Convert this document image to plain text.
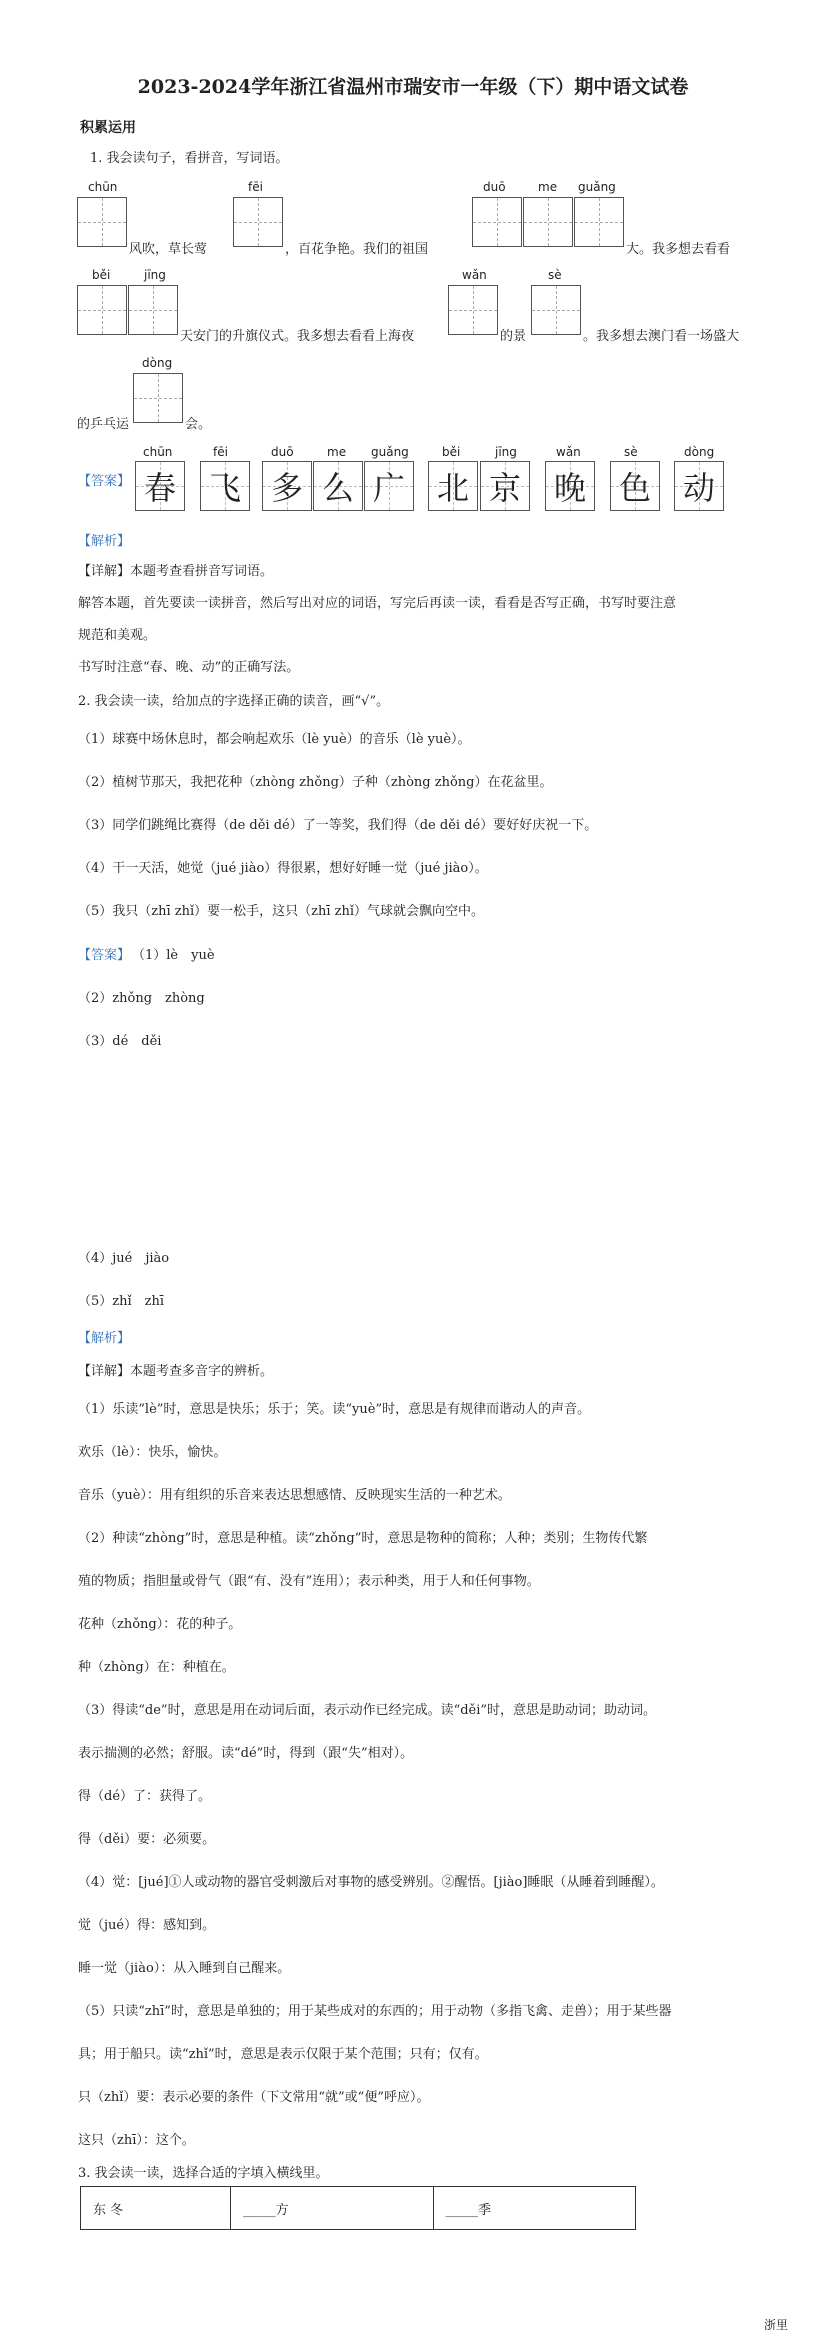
2023-2024学年浙江省温州市瑞安市一年级（下）期中语文试卷
积累运用
1. 我会读句子，看拼音，写词语。
chūn
风吹，草长莺
fēi
，百花争艳。我们的祖国
duō	me guǎng
大。我多想去看看
běi	jīng
天安门的升旗仪式。我多想去看看上海夜
wǎn
的景
sè
。我多想去澳门看一场盛大
dòng
的乒乓运	会。
【答案】
chūn
春
fēi
飞
duō
多
me
么
guǎng
广
běi
北
jīng
京
wǎn
晚
sè
色
dòng
动
【解析】
【详解】本题考查看拼音写词语。
解答本题，首先要读一读拼音，然后写出对应的词语，写完后再读一读，看看是否写正确，书写时要注意
规范和美观。
书写时注意“春、晚、动”的正确写法。
2. 我会读一读，给加点的字选择正确的读音，画“√”。
（1）球赛中场休息时，都会响起欢乐（lè yuè）的音乐（lè yuè）。
（2）植树节那天，我把花种（zhòng zhǒng）子种（zhòng zhǒng）在花盆里。
（3）同学们跳绳比赛得（de děi dé）了一等奖，我们得（de děi dé）要好好庆祝一下。
（4）干一天活，她觉（jué jiào）得很累，想好好睡一觉（jué jiào）。
（5）我只（zhī zhǐ）要一松手，这只（zhī zhǐ）气球就会飘向空中。
【答案】 （1）lè　yuè
（2）zhǒng　zhòng
（3）dé　děi
（4）jué　jiào
（5）zhǐ　zhī
【解析】
【详解】本题考查多音字的辨析。
（1）乐读“lè”时，意思是快乐；乐于；笑。读“yuè”时，意思是有规律而谐动人的声音。
欢乐（lè）：快乐，愉快。
音乐（yuè）：用有组织的乐音来表达思想感情、反映现实生活的一种艺术。
（2）种读“zhòng”时，意思是种植。读“zhǒng”时，意思是物种的简称；人种；类别；生物传代繁
殖的物质；指胆量或骨气（跟“有、没有”连用）；表示种类，用于人和任何事物。
花种（zhǒng）：花的种子。
种（zhòng）在：种植在。
（3）得读“de”时，意思是用在动词后面，表示动作已经完成。读“děi”时，意思是助动词；助动词。
表示揣测的必然；舒服。读“dé”时，得到（跟“失”相对）。
得（dé）了：获得了。
得（děi）要：必须要。
（4）觉：[jué]①人或动物的器官受刺激后对事物的感受辨别。②醒悟。[jiào]睡眠（从睡着到睡醒）。
觉（jué）得：感知到。
睡一觉（jiào）：从入睡到自己醒来。
（5）只读“zhī”时，意思是单独的；用于某些成对的东西的；用于动物（多指飞禽、走兽）；用于某些器
具；用于船只。读“zhǐ”时，意思是表示仅限于某个范围；只有；仅有。
只（zhǐ）要：表示必要的条件（下文常用“就”或“便”呼应）。
这只（zhī）：这个。
3. 我会读一读，选择合适的字填入横线里。
东 冬	_____方	_____季
浙里
